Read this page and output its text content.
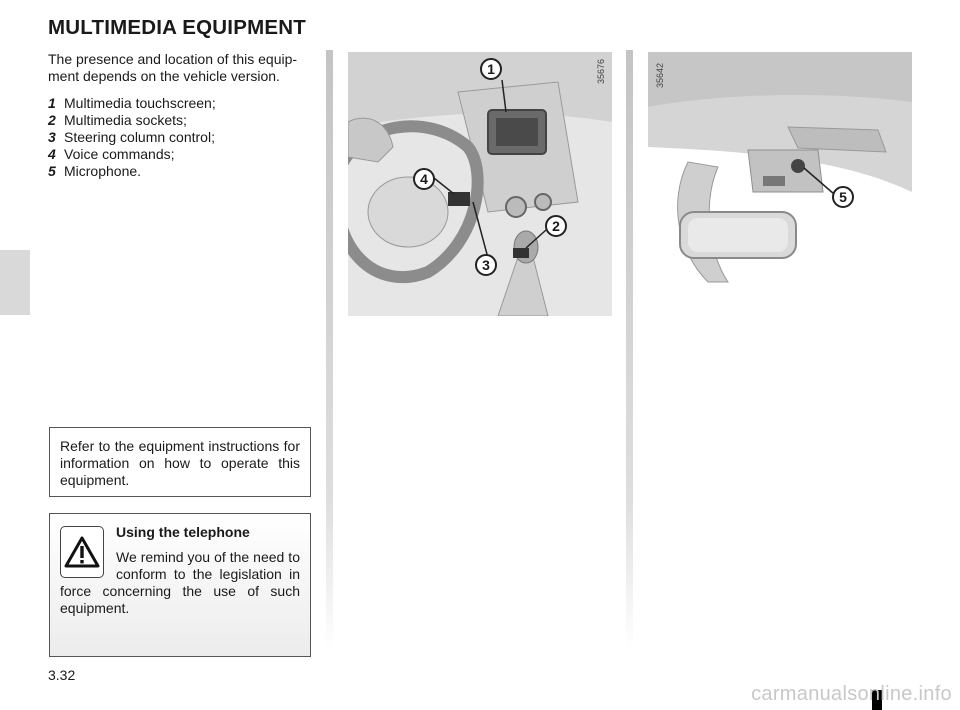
MULTIMEDIA EQUIPMENT

The presence and location of this equip-ment depends on the vehicle version.

1 Multimedia touchscreen;
2 Multimedia sockets;
3 Steering column control;
4 Voice commands;
5 Microphone.
Refer to the equipment instructions for information on how to operate this equipment.

Using the telephone

We remind you of the need to conform to the legislation in force concerning the use of such equipment.

35676
1
4
2
3
35642
5
3.32
carmanualsonline.info
